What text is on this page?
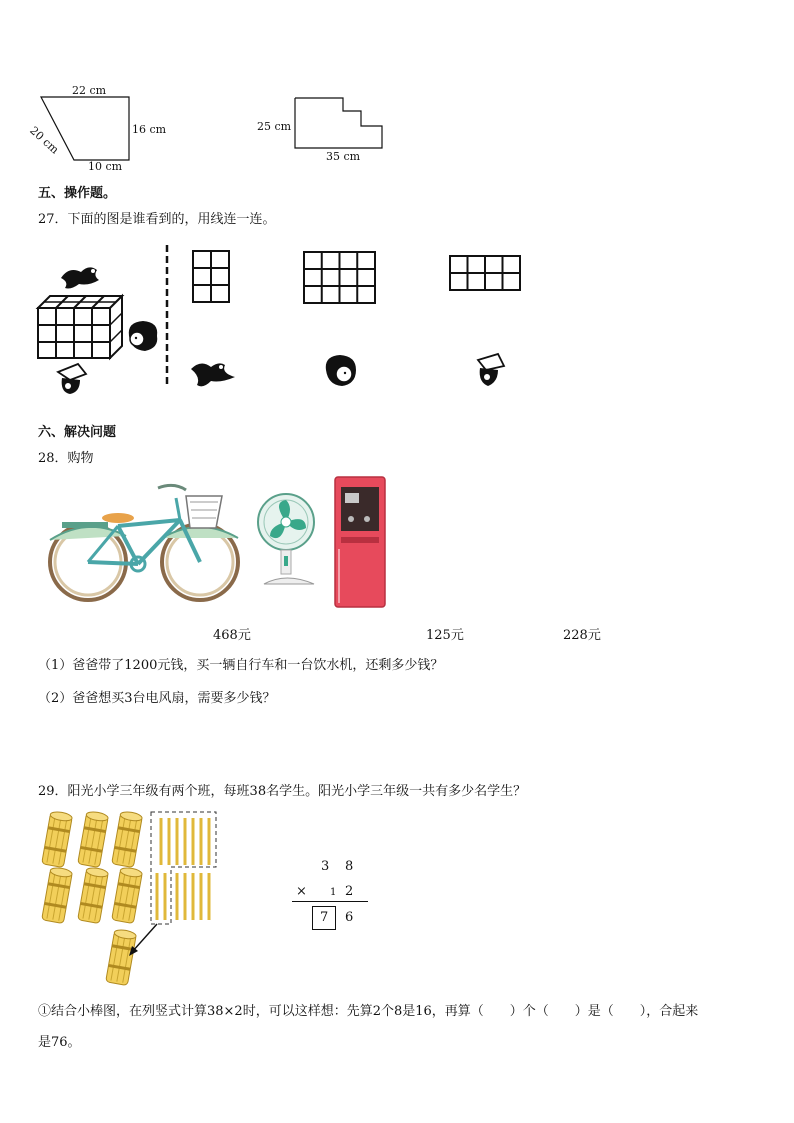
22 cm
20 cm	16 cm
10 cm
25 cm
35 cm
五、操作题。
27．下面的图是谁看到的，用线连一连。
六、解决问题
28．购物
468元	125元	228元
（1）爸爸带了1200元钱，买一辆自行车和一台饮水机，还剩多少钱？
（2）爸爸想买3台电风扇，需要多少钱？
29．阳光小学三年级有两个班，每班38名学生。阳光小学三年级一共有多少名学生？
3 8
× 1 2
7 6
①结合小棒图，在列竖式计算38×2时，可以这样想：先算2个8是16，再算（　　）个（　　）是（　　），合起来
是76。
